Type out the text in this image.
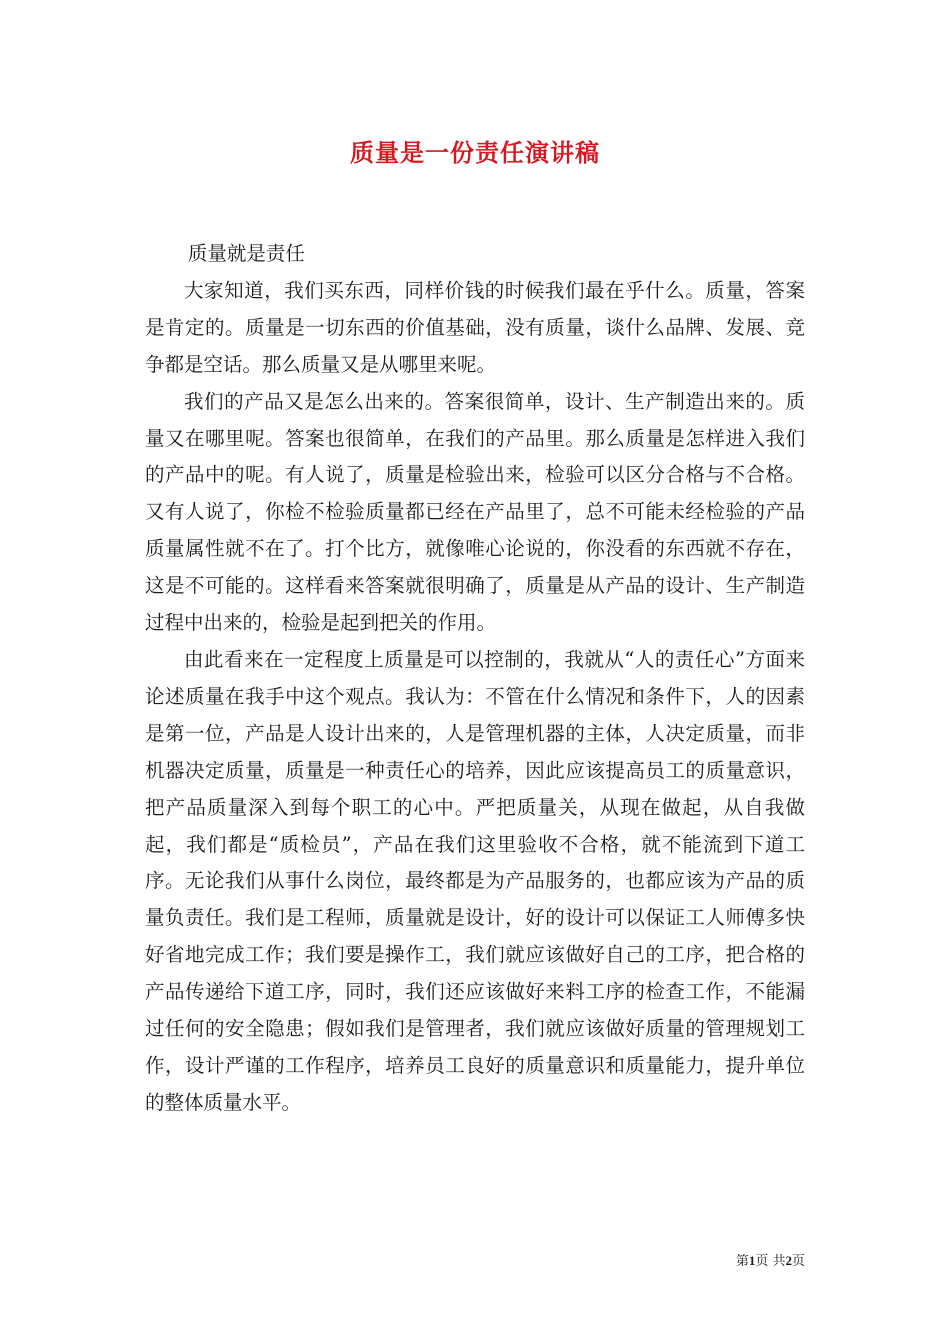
质量是一份责任演讲稿

质量就是责任

大家知道，我们买东西，同样价钱的时候我们最在乎什么。质量，答案是肯定的。质量是一切东西的价值基础，没有质量，谈什么品牌、发展、竞争都是空话。那么质量又是从哪里来呢。

我们的产品又是怎么出来的。答案很简单，设计、生产制造出来的。质量又在哪里呢。答案也很简单，在我们的产品里。那么质量是怎样进入我们的产品中的呢。有人说了，质量是检验出来，检验可以区分合格与不合格。又有人说了，你检不检验质量都已经在产品里了，总不可能未经检验的产品质量属性就不在了。打个比方，就像唯心论说的，你没看的东西就不存在，这是不可能的。这样看来答案就很明确了，质量是从产品的设计、生产制造过程中出来的，检验是起到把关的作用。

由此看来在一定程度上质量是可以控制的，我就从“人的责任心”方面来论述质量在我手中这个观点。我认为：不管在什么情况和条件下，人的因素是第一位，产品是人设计出来的，人是管理机器的主体，人决定质量，而非机器决定质量，质量是一种责任心的培养，因此应该提高员工的质量意识，把产品质量深入到每个职工的心中。严把质量关，从现在做起，从自我做起，我们都是“质检员”，产品在我们这里验收不合格，就不能流到下道工序。无论我们从事什么岗位，最终都是为产品服务的，也都应该为产品的质量负责任。我们是工程师，质量就是设计，好的设计可以保证工人师傅多快好省地完成工作；我们要是操作工，我们就应该做好自己的工序，把合格的产品传递给下道工序，同时，我们还应该做好来料工序的检查工作，不能漏过任何的安全隐患；假如我们是管理者，我们就应该做好质量的管理规划工作，设计严谨的工作程序，培养员工良好的质量意识和质量能力，提升单位的整体质量水平。

第1页 共2页
